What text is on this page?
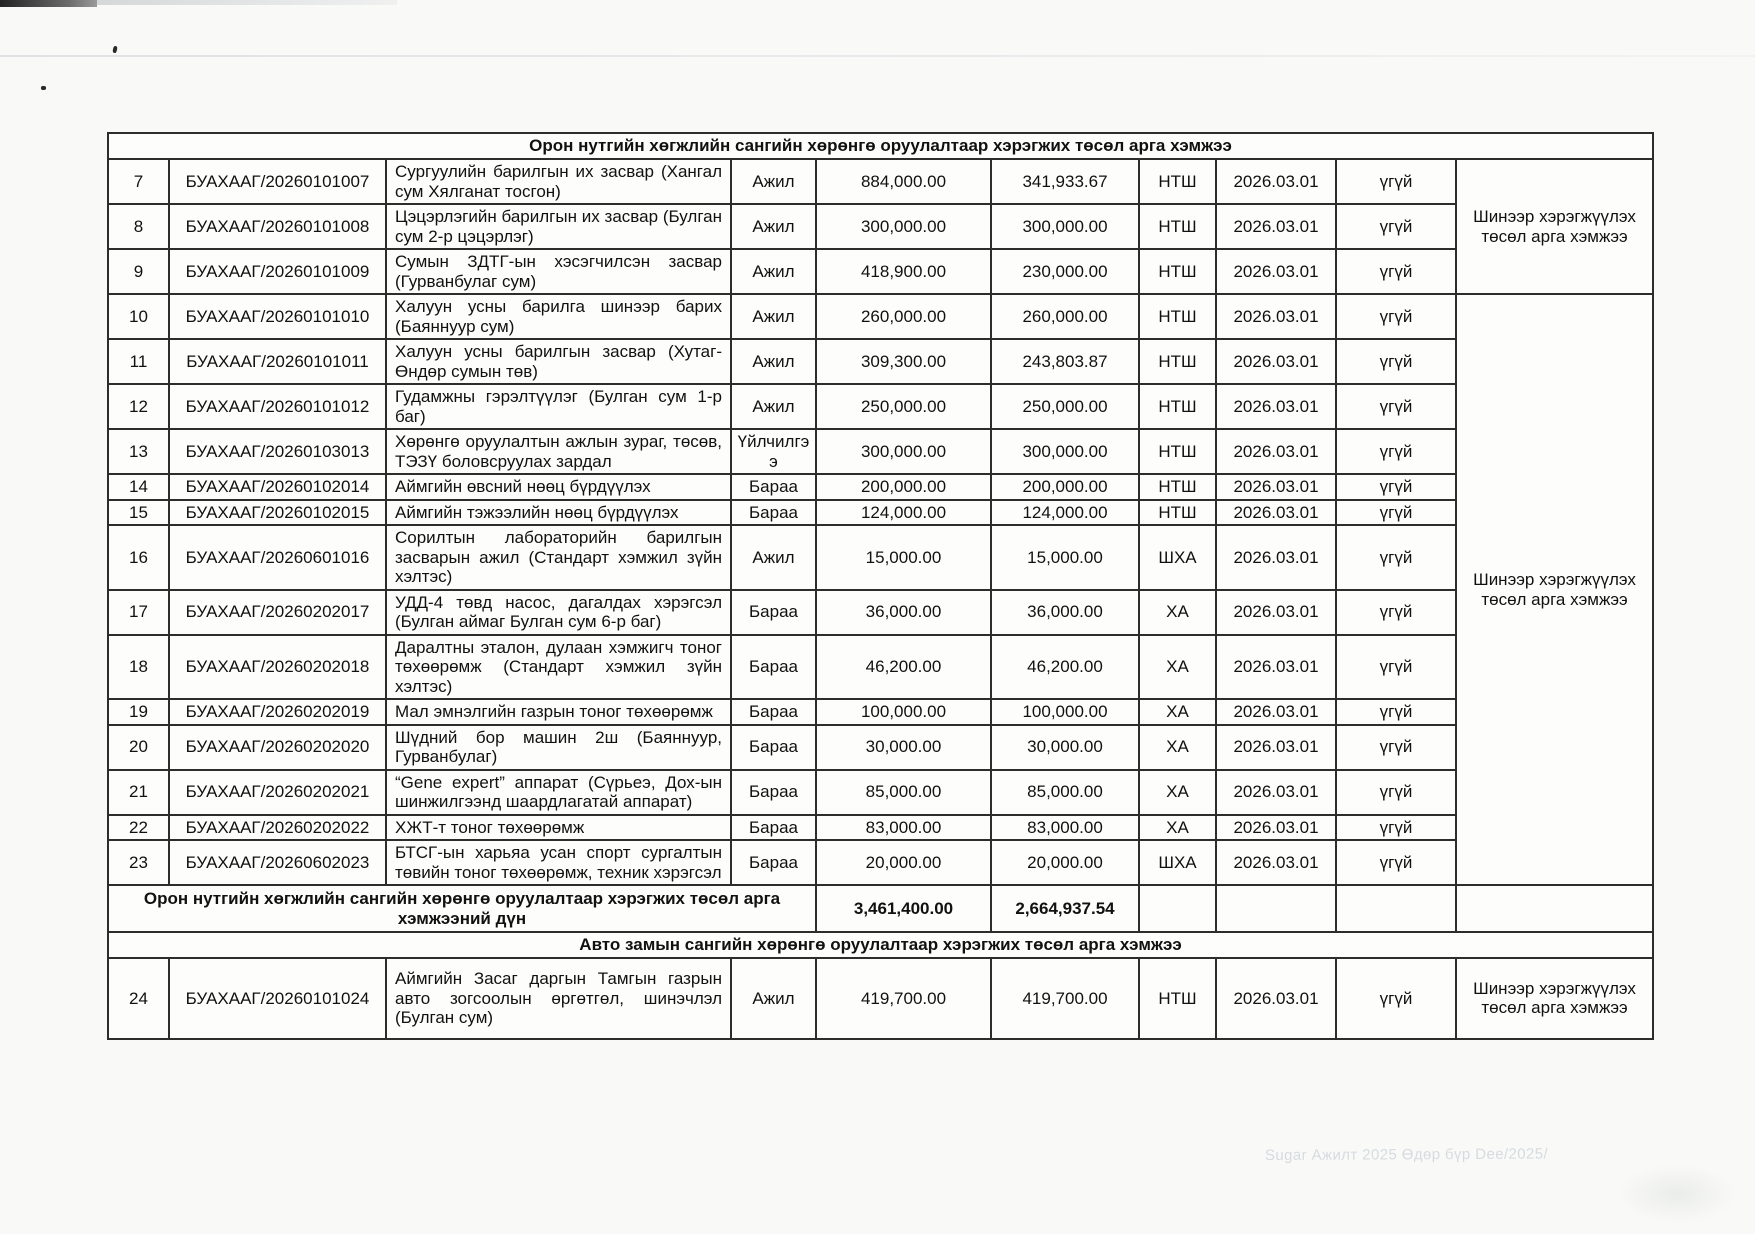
Орон нутгийн хөгжлийн сангийн хөрөнгө оруулалтаар хэрэгжих төсөл арга хэмжээ									
7	БУАХААГ/20260101007	Сургуулийн барилгын их засвар (Хангал сум Хялганат тосгон)	Ажил	884,000.00	341,933.67	НТШ	2026.03.01	үгүй	Шинээр хэрэгжүүлэх төсөл арга хэмжээ
8	БУАХААГ/20260101008	Цэцэрлэгийн барилгын их засвар (Булган сум 2-р цэцэрлэг)	Ажил	300,000.00	300,000.00	НТШ	2026.03.01	үгүй	
9	БУАХААГ/20260101009	Сумын ЗДТГ-ын хэсэгчилсэн засвар (Гурванбулаг сум)	Ажил	418,900.00	230,000.00	НТШ	2026.03.01	үгүй	
10	БУАХААГ/20260101010	Халуун усны барилга шинээр барих (Баяннуур сум)	Ажил	260,000.00	260,000.00	НТШ	2026.03.01	үгүй	Шинээр хэрэгжүүлэх төсөл арга хэмжээ
11	БУАХААГ/20260101011	Халуун усны барилгын засвар (Хутаг-Өндөр сумын төв)	Ажил	309,300.00	243,803.87	НТШ	2026.03.01	үгүй	
12	БУАХААГ/20260101012	Гудамжны гэрэлтүүлэг (Булган сум 1-р баг)	Ажил	250,000.00	250,000.00	НТШ	2026.03.01	үгүй	
13	БУАХААГ/20260103013	Хөрөнгө оруулалтын ажлын зураг, төсөв, ТЭЗҮ боловсруулах зардал	Үйлчилгээ	300,000.00	300,000.00	НТШ	2026.03.01	үгүй	
14	БУАХААГ/20260102014	Аймгийн өвсний нөөц бүрдүүлэх	Бараа	200,000.00	200,000.00	НТШ	2026.03.01	үгүй	
15	БУАХААГ/20260102015	Аймгийн тэжээлийн нөөц бүрдүүлэх	Бараа	124,000.00	124,000.00	НТШ	2026.03.01	үгүй	
16	БУАХААГ/20260601016	Сорилтын лабораторийн барилгын засварын ажил (Стандарт хэмжил зүйн хэлтэс)	Ажил	15,000.00	15,000.00	ШХА	2026.03.01	үгүй	
17	БУАХААГ/20260202017	УДД-4 төвд насос, дагалдах хэрэгсэл (Булган аймаг Булган сум 6-р баг)	Бараа	36,000.00	36,000.00	ХА	2026.03.01	үгүй	
18	БУАХААГ/20260202018	Даралтны эталон, дулаан хэмжигч тоног төхөөрөмж (Стандарт хэмжил зүйн хэлтэс)	Бараа	46,200.00	46,200.00	ХА	2026.03.01	үгүй	
19	БУАХААГ/20260202019	Мал эмнэлгийн газрын тоног төхөөрөмж	Бараа	100,000.00	100,000.00	ХА	2026.03.01	үгүй	
20	БУАХААГ/20260202020	Шүдний бор машин 2ш (Баяннуур, Гурванбулаг)	Бараа	30,000.00	30,000.00	ХА	2026.03.01	үгүй	
21	БУАХААГ/20260202021	“Gene expert” аппарат (Сүрьеэ, Дох-ын шинжилгээнд шаардлагатай аппарат)	Бараа	85,000.00	85,000.00	ХА	2026.03.01	үгүй	
22	БУАХААГ/20260202022	ХЖТ-т тоног төхөөрөмж	Бараа	83,000.00	83,000.00	ХА	2026.03.01	үгүй	
23	БУАХААГ/20260602023	БТСГ-ын харьяа усан спорт сургалтын төвийн тоног төхөөрөмж, техник хэрэгсэл	Бараа	20,000.00	20,000.00	ШХА	2026.03.01	үгүй	
Орон нутгийн хөгжлийн сангийн хөрөнгө оруулалтаар хэрэгжих төсөл арга хэмжээний дүн				3,461,400.00	2,664,937.54				
Авто замын сангийн хөрөнгө оруулалтаар хэрэгжих төсөл арга хэмжээ									
24	БУАХААГ/20260101024	Аймгийн Засаг даргын Тамгын газрын авто зогсоолын өргөтгөл, шинэчлэл (Булган сум)	Ажил	419,700.00	419,700.00	НТШ	2026.03.01	үгүй	Шинээр хэрэгжүүлэх төсөл арга хэмжээ
Sugar Ажилт 2025 Өдөр бүр Dee/2025/
